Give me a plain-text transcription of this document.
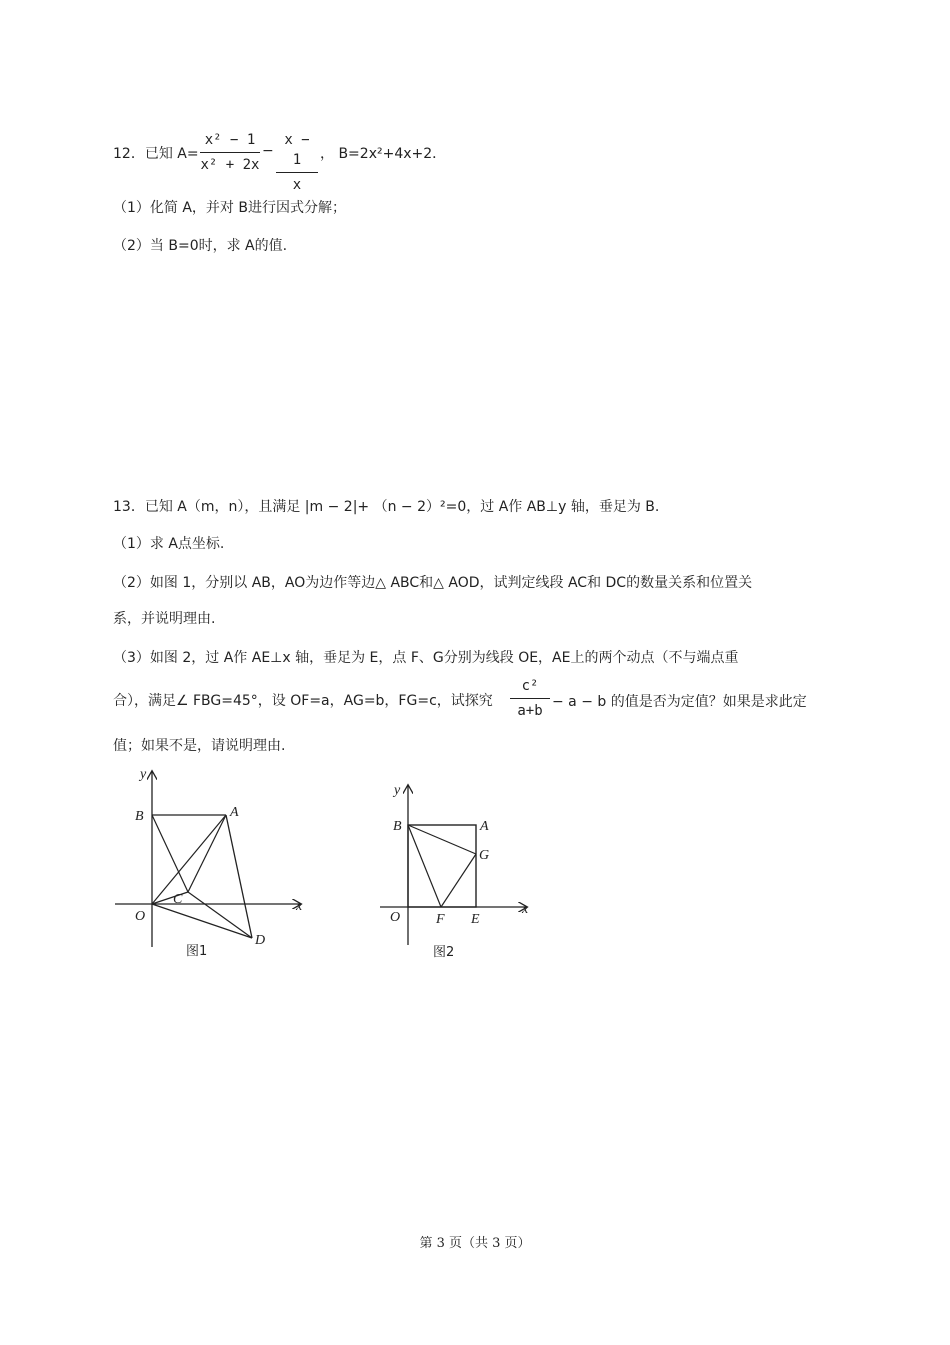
12．已知 A=
x² − 1
x² + 2x
−
x − 1
x
， B=2x²+4x+2．
（1）化简 A，并对 B进行因式分解；
（2）当 B=0时，求 A的值.
13．已知 A（m，n），且满足 |m − 2|+ （n − 2）²=0，过 A作 AB⊥y 轴，垂足为 B.
（1）求 A点坐标.
（2）如图 1，分别以 AB，AO为边作等边△ ABC和△ AOD，试判定线段 AC和 DC的数量关系和位置关
系，并说明理由.
（3）如图 2，过 A作 AE⊥x 轴，垂足为 E，点 F、G分别为线段 OE，AE上的两个动点（不与端点重
合），满足∠ FBG=45°，设 OF=a，AG=b，FG=c，试探究
c²
a+b
− a − b 的值是否为定值？如果是求此定
值；如果不是，请说明理由.
y
x
B	A
C
O
D
图1
y
x
B	A
G
O	F E
图2
第 3 页（共 3 页）
